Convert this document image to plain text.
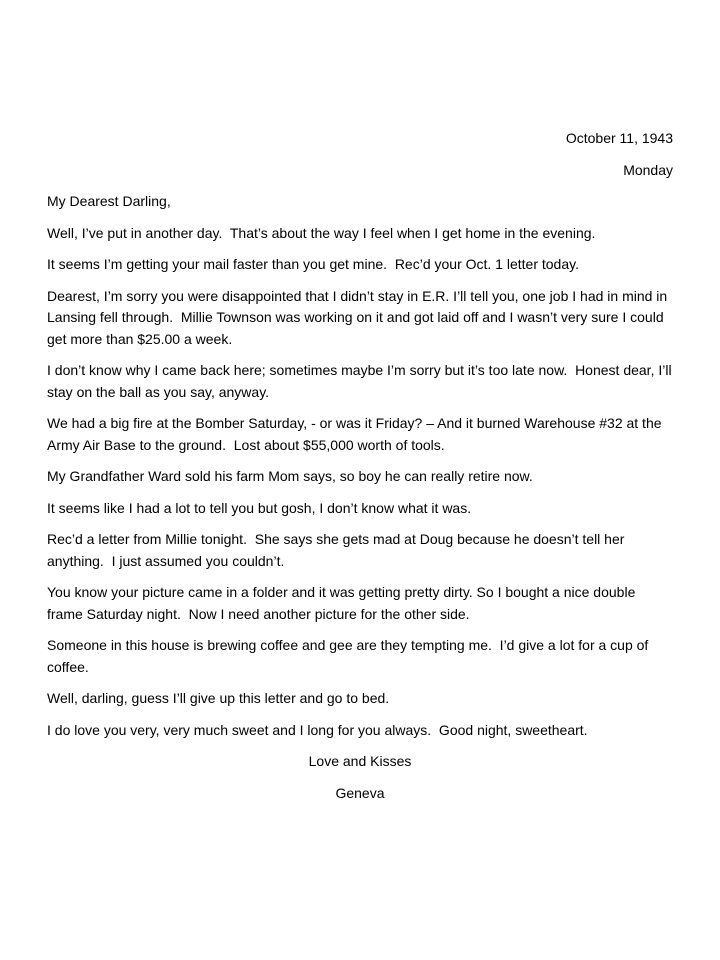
October 11, 1943

Monday

My Dearest Darling,

Well, I’ve put in another day.  That’s about the way I feel when I get home in the evening.

It seems I’m getting your mail faster than you get mine.  Rec’d your Oct. 1 letter today.

Dearest, I’m sorry you were disappointed that I didn’t stay in E.R. I’ll tell you, one job I had in mind in Lansing fell through.  Millie Townson was working on it and got laid off and I wasn’t very sure I could get more than $25.00 a week.

I don’t know why I came back here; sometimes maybe I’m sorry but it’s too late now.  Honest dear, I’ll stay on the ball as you say, anyway.

We had a big fire at the Bomber Saturday, - or was it Friday? – And it burned Warehouse #32 at the Army Air Base to the ground.  Lost about $55,000 worth of tools.

My Grandfather Ward sold his farm Mom says, so boy he can really retire now.

It seems like I had a lot to tell you but gosh, I don’t know what it was.

Rec’d a letter from Millie tonight.  She says she gets mad at Doug because he doesn’t tell her anything.  I just assumed you couldn’t.

You know your picture came in a folder and it was getting pretty dirty. So I bought a nice double frame Saturday night.  Now I need another picture for the other side.

Someone in this house is brewing coffee and gee are they tempting me.  I’d give a lot for a cup of coffee.

Well, darling, guess I’ll give up this letter and go to bed.

I do love you very, very much sweet and I long for you always.  Good night, sweetheart.

Love and Kisses

Geneva
